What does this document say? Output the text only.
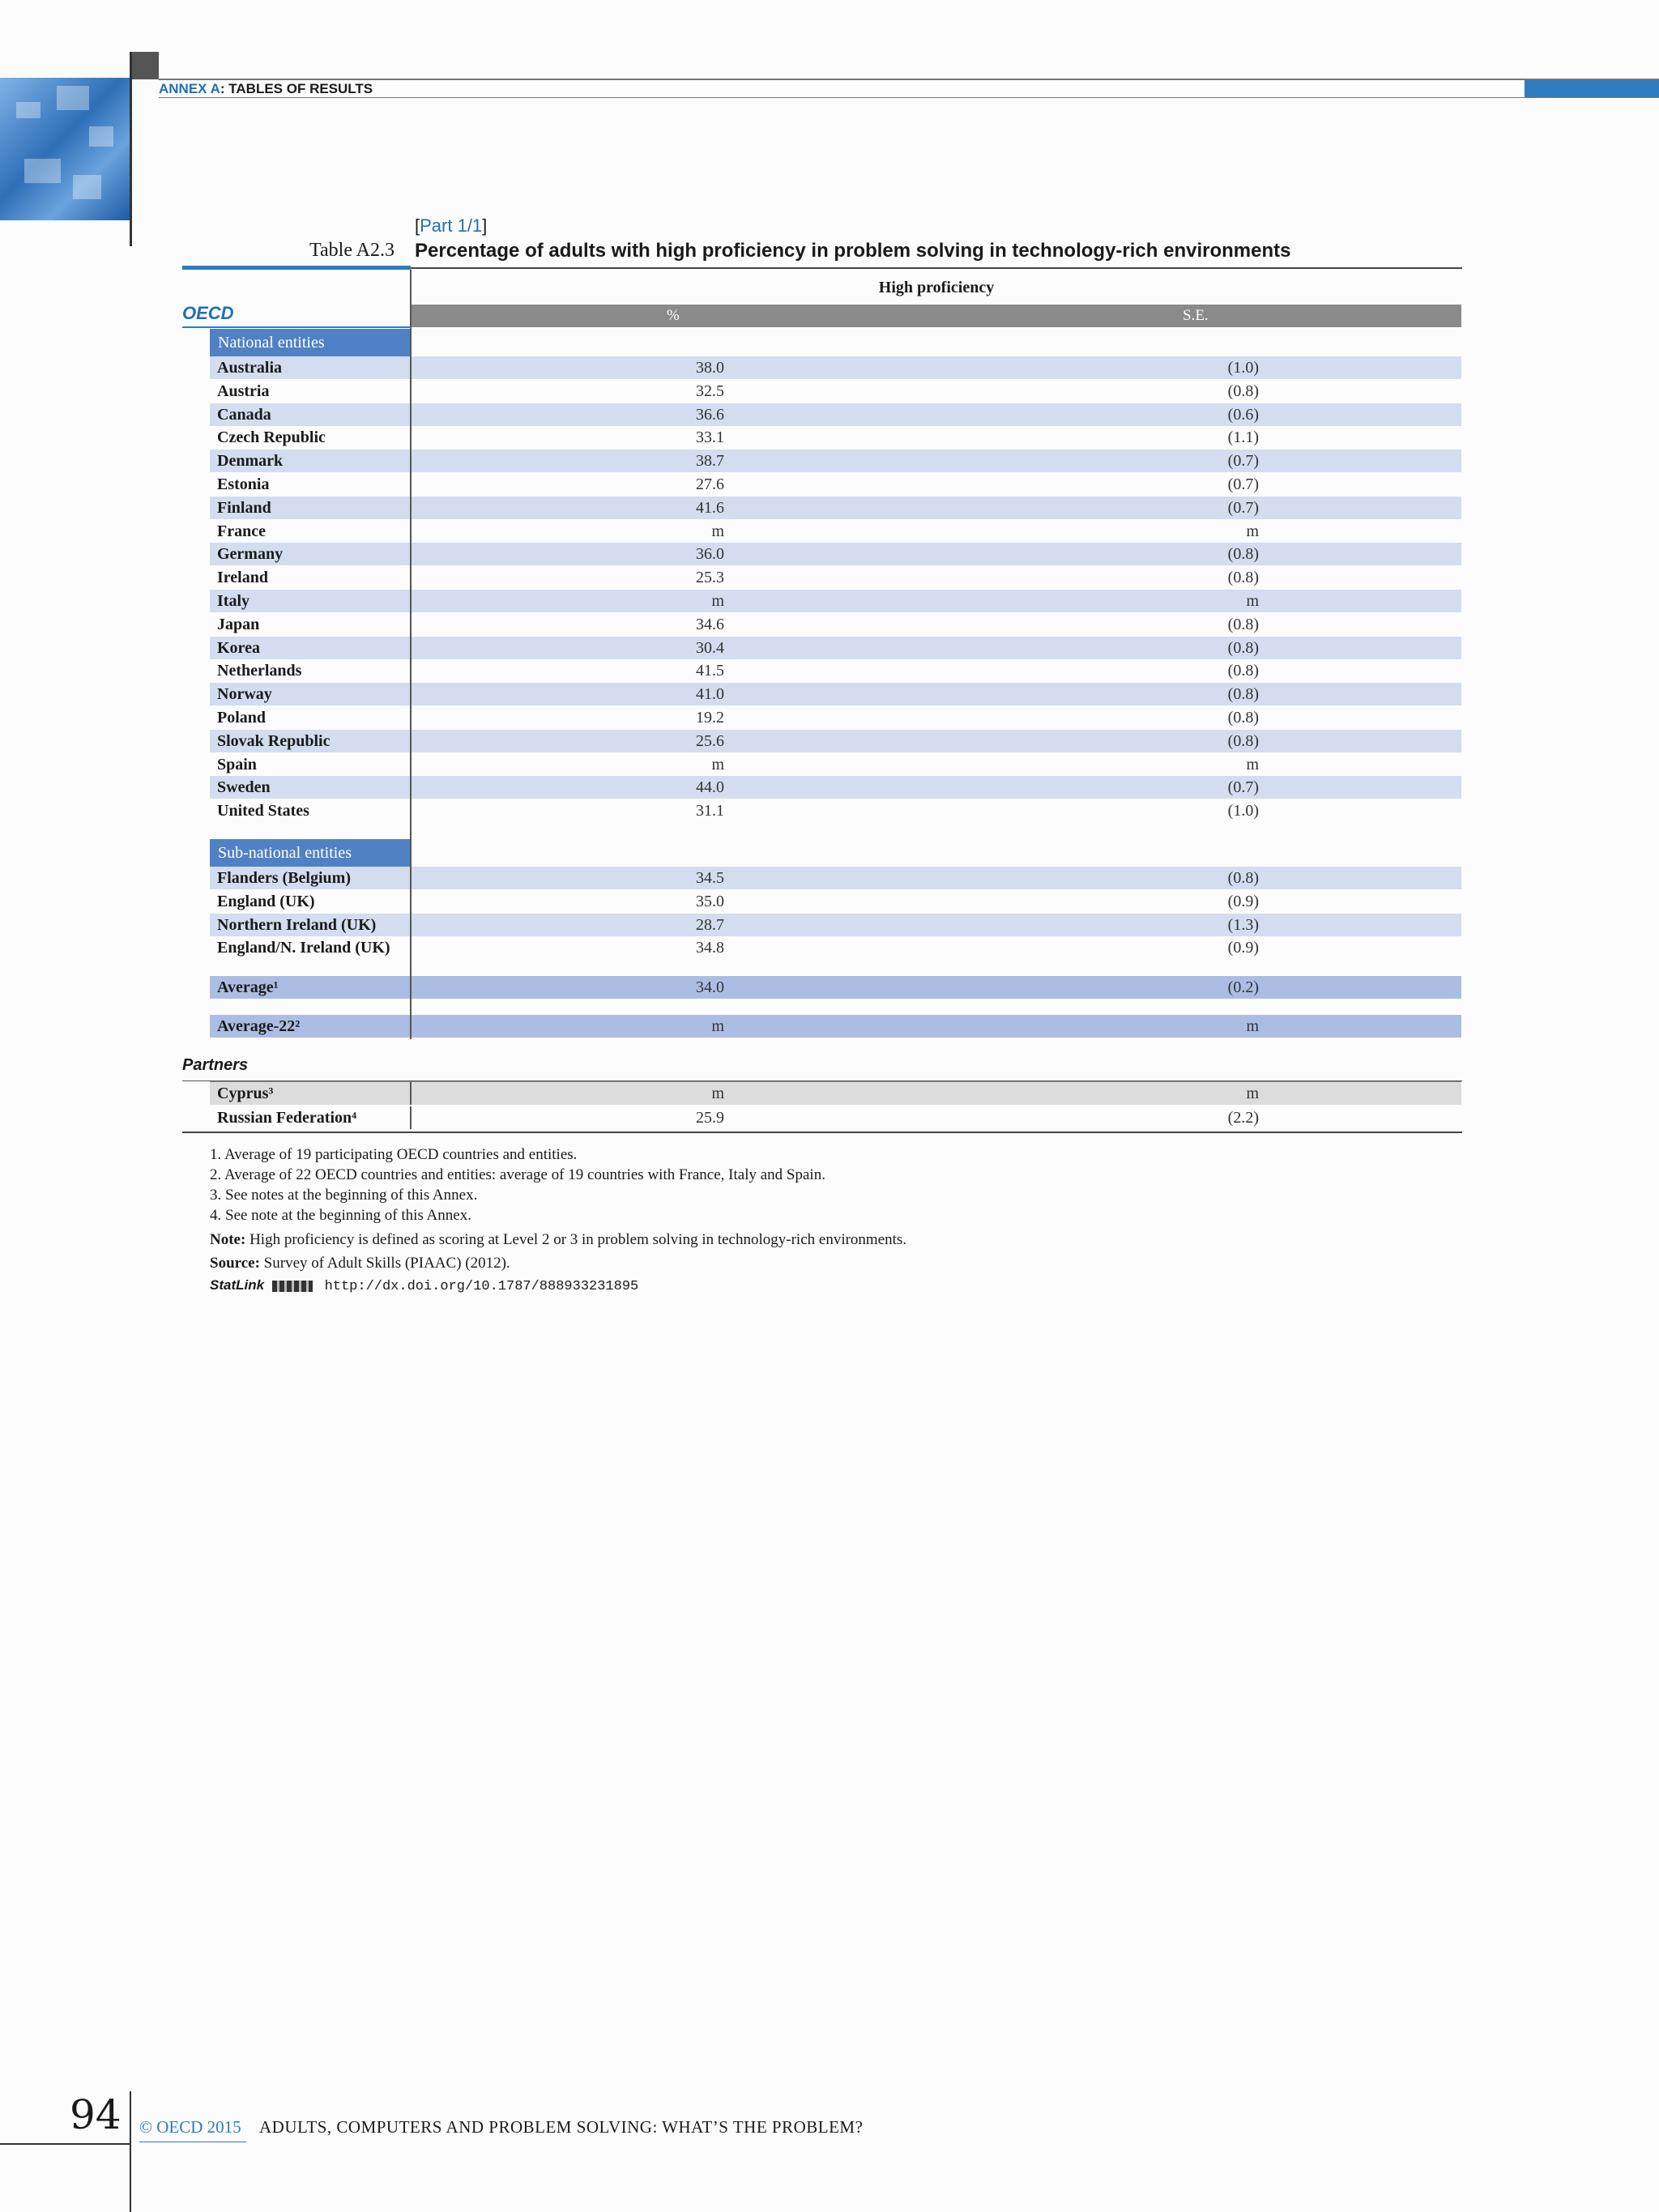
ANNEX A: TABLES OF RESULTS
[Part 1/1]
Table A2.3 Percentage of adults with high proficiency in problem solving in technology-rich environments
High proficiency
%	S.E.
OECD
National entities
Australia	38.0	(1.0)
Austria	32.5	(0.8)
Canada	36.6	(0.6)
Czech Republic	33.1	(1.1)
Denmark	38.7	(0.7)
Estonia	27.6	(0.7)
Finland	41.6	(0.7)
France	m	m
Germany	36.0	(0.8)
Ireland	25.3	(0.8)
Italy	m	m
Japan	34.6	(0.8)
Korea	30.4	(0.8)
Netherlands	41.5	(0.8)
Norway	41.0	(0.8)
Poland	19.2	(0.8)
Slovak Republic	25.6	(0.8)
Spain	m	m
Sweden	44.0	(0.7)
United States	31.1	(1.0)
Sub-national entities
Flanders (Belgium)	34.5	(0.8)
England (UK)	35.0	(0.9)
Northern Ireland (UK)	28.7	(1.3)
England/N. Ireland (UK)	34.8	(0.9)
Average¹	34.0	(0.2)
Average-22²	m	m
Partners
Cyprus³	m	m
Russian Federation⁴	25.9	(2.2)
1. Average of 19 participating OECD countries and entities.
2. Average of 22 OECD countries and entities: average of 19 countries with France, Italy and Spain.
3. See notes at the beginning of this Annex.
4. See note at the beginning of this Annex.
Note: High proficiency is defined as scoring at Level 2 or 3 in problem solving in technology-rich environments.
Source: Survey of Adult Skills (PIAAC) (2012).
StatLink	http://dx.doi.org/10.1787/888933231895
94 © OECD 2015 ADULTS, COMPUTERS AND PROBLEM SOLVING: WHAT’S THE PROBLEM?
